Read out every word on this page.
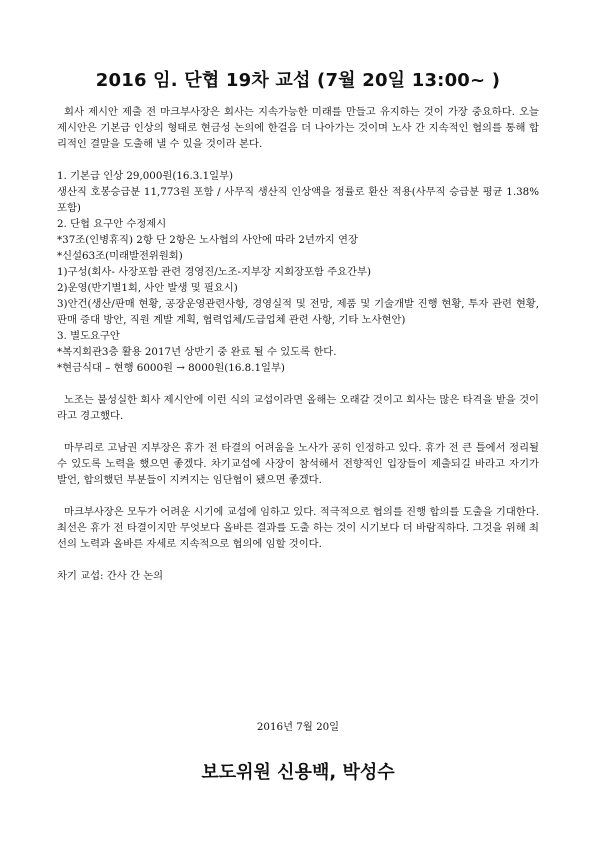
2016 임. 단협 19차 교섭 (7월 20일 13:00~ )

회사 제시안 제출 전 마크부사장은 회사는 지속가능한 미래를 만들고 유지하는 것이 가장 중요하다. 오늘 제시안은 기본급 인상의 형태로 현금성 논의에 한걸음 더 나아가는 것이며 노사 간 지속적인 협의를 통해 합리적인 결말을 도출해 낼 수 있을 것이라 본다.

1. 기본급 인상 29,000원(16.3.1일부)

생산직 호봉승급분 11,773원 포함 / 사무직 생산직 인상액을 정률로 환산 적용(사무직 승급분 평균 1.38% 포함)

2. 단협 요구안 수정제시

*37조(인병휴직) 2항 단 2항은 노사협의 사안에 따라 2년까지 연장

*신설63조(미래발전위원회)

1)구성(회사- 사장포함 관련 경영진/노조-지부장 지회장포함 주요간부)

2)운영(반기별1회, 사안 발생 및 필요시)

3)안건(생산/판매 현황, 공장운영관련사항, 경영실적 및 전망, 제품 및 기술개발 진행 현황, 투자 관련 현황, 판매 증대 방안, 직원 계발 계획, 협력업체/도급업체 관련 사항, 기타 노사현안)

3. 별도요구안

*복지회관3층 활용 2017년 상반기 중 완료 될 수 있도록 한다.

*현금식대 – 현행 6000원 → 8000원(16.8.1일부)

노조는 불성실한 회사 제시안에 이런 식의 교섭이라면 올해는 오래갈 것이고 회사는 많은 타격을 받을 것이라고 경고했다.

마무리로 고남권 지부장은 휴가 전 타결의 어려움을 노사가 공히 인정하고 있다. 휴가 전 큰 틀에서 정리될 수 있도록 노력을 했으면 좋겠다. 차기교섭에 사장이 참석해서 전향적인 입장들이 제출되길 바라고 자기가 발언, 합의했던 부분들이 지켜지는 임단협이 됐으면 좋겠다.

마크부사장은 모두가 어려운 시기에 교섭에 임하고 있다. 적극적으로 협의를 진행 합의를 도출을 기대한다. 최선은 휴가 전 타결이지만 무엇보다 올바른 결과를 도출 하는 것이 시기보다 더 바람직하다. 그것을 위해 최선의 노력과 올바른 자세로 지속적으로 협의에 임할 것이다.

차기 교섭: 간사 간 논의

2016년 7월 20일
보도위원 신용백, 박성수
